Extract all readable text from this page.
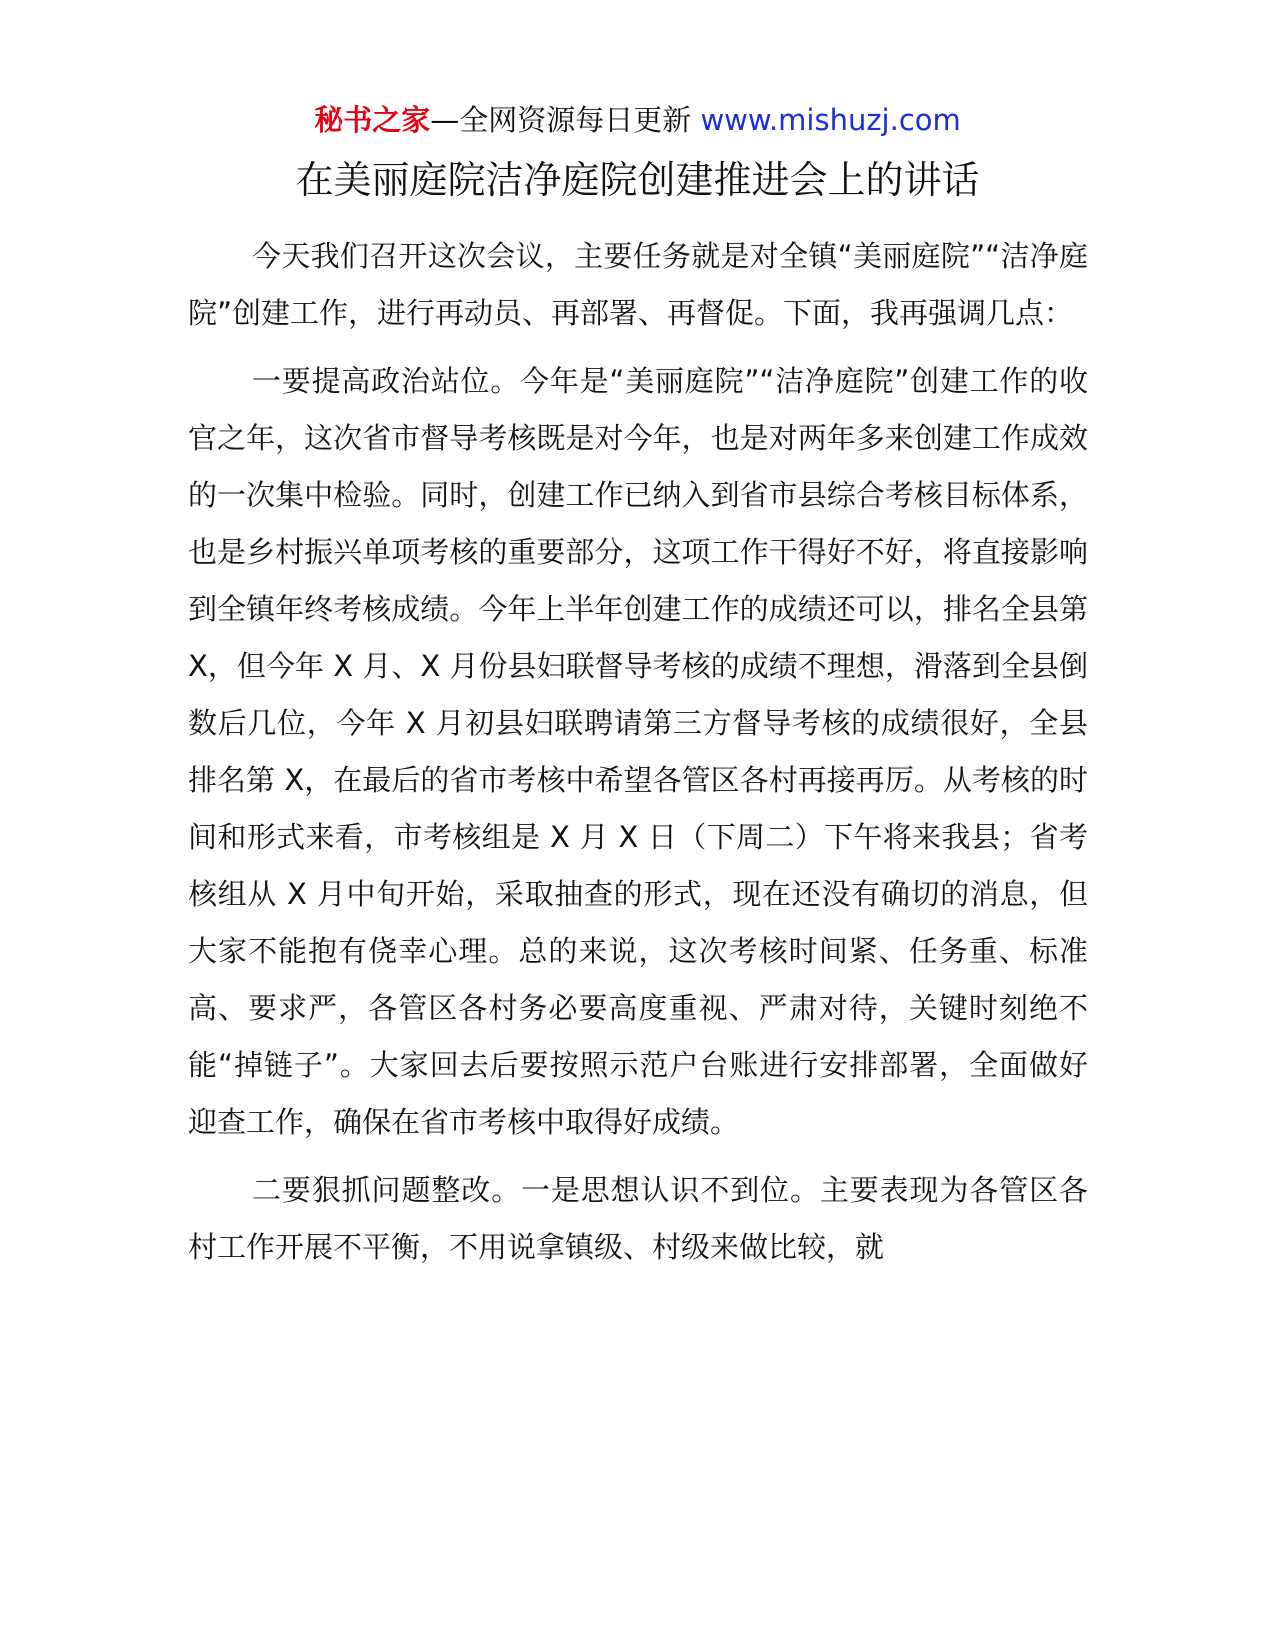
秘书之家—全网资源每日更新 www.mishuzj.com
在美丽庭院洁净庭院创建推进会上的讲话

今天我们召开这次会议，主要任务就是对全镇“美丽庭院”“洁净庭院”创建工作，进行再动员、再部署、再督促。下面，我再强调几点：

一要提高政治站位。今年是“美丽庭院”“洁净庭院”创建工作的收官之年，这次省市督导考核既是对今年，也是对两年多来创建工作成效的一次集中检验。同时，创建工作已纳入到省市县综合考核目标体系，也是乡村振兴单项考核的重要部分，这项工作干得好不好，将直接影响到全镇年终考核成绩。今年上半年创建工作的成绩还可以，排名全县第 X，但今年 X 月、X 月份县妇联督导考核的成绩不理想，滑落到全县倒数后几位，今年 X 月初县妇联聘请第三方督导考核的成绩很好，全县排名第 X，在最后的省市考核中希望各管区各村再接再厉。从考核的时间和形式来看，市考核组是 X 月 X 日（下周二）下午将来我县；省考核组从 X 月中旬开始，采取抽查的形式，现在还没有确切的消息，但大家不能抱有侥幸心理。总的来说，这次考核时间紧、任务重、标准高、要求严，各管区各村务必要高度重视、严肃对待，关键时刻绝不能“掉链子”。大家回去后要按照示范户台账进行安排部署，全面做好迎查工作，确保在省市考核中取得好成绩。

二要狠抓问题整改。一是思想认识不到位。主要表现为各管区各村工作开展不平衡，不用说拿镇级、村级来做比较，就
